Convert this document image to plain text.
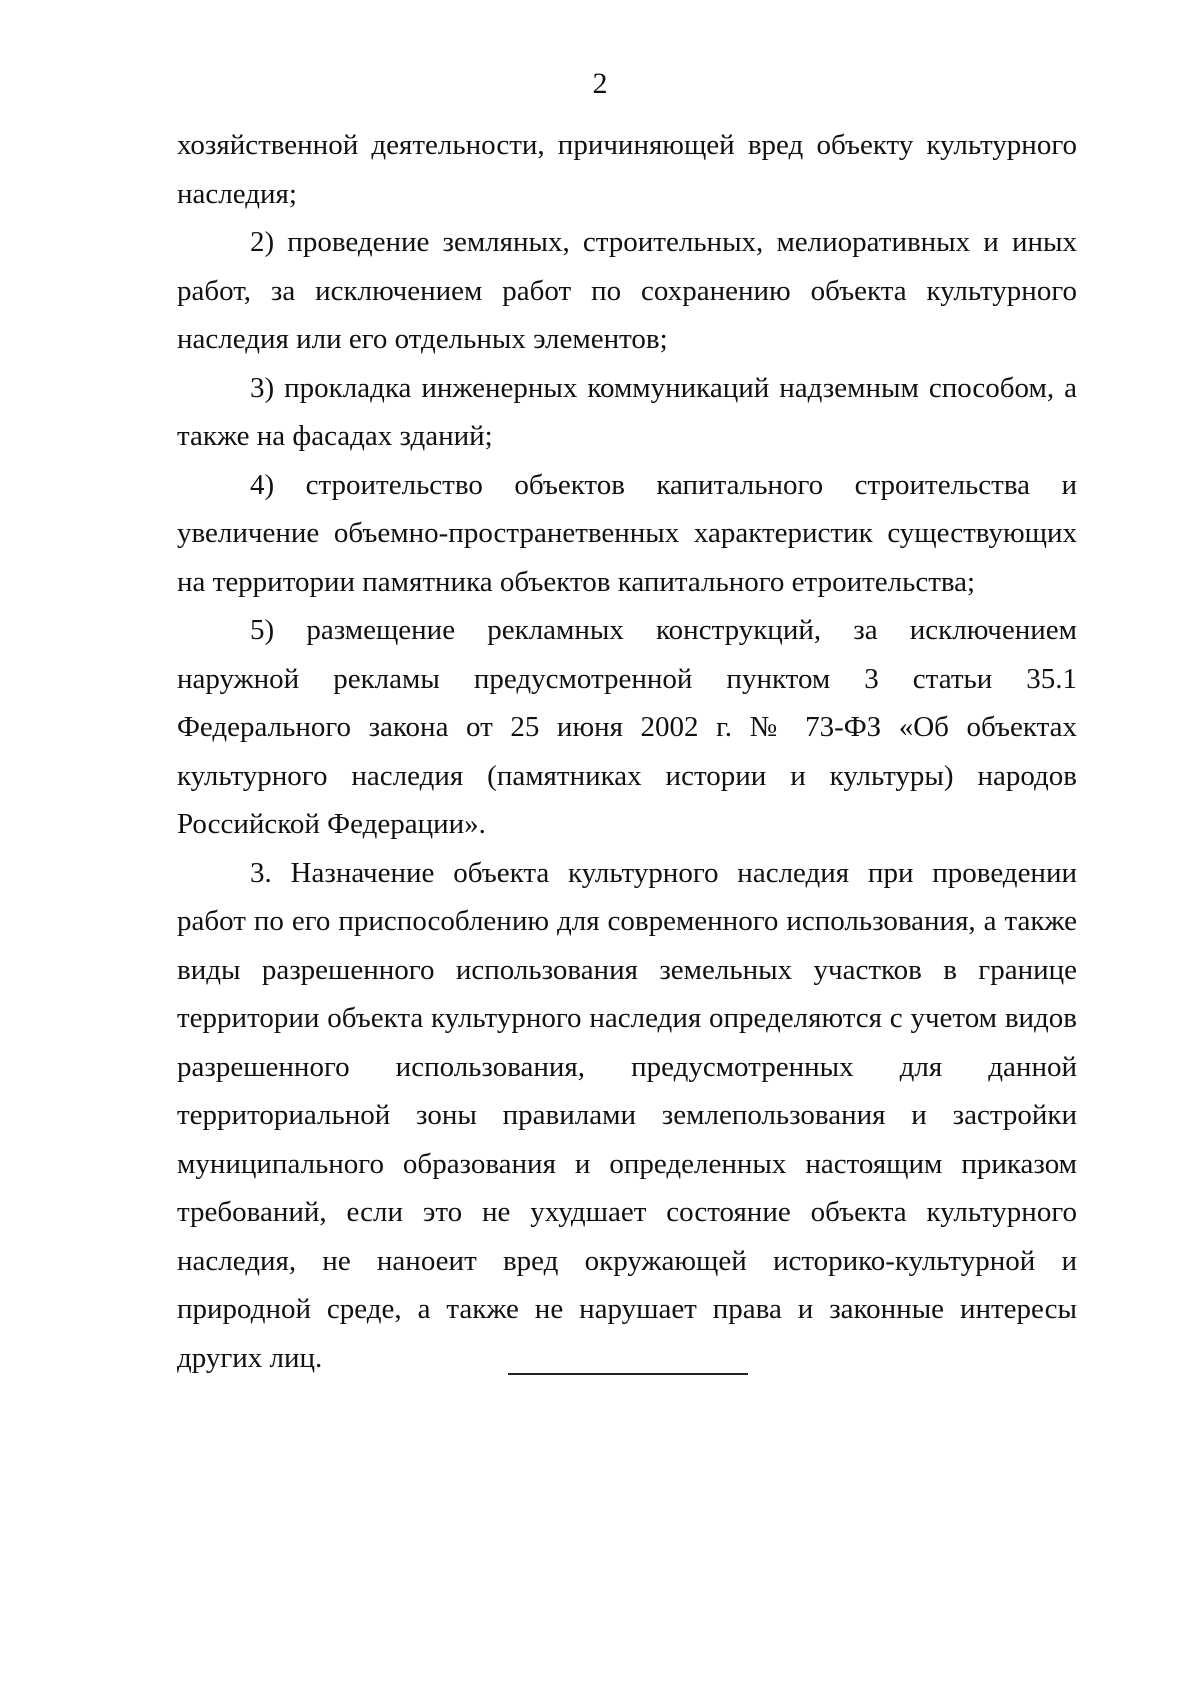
2

хозяйственной деятельности, причиняющей вред объекту культурного наследия;

2) проведение земляных, строительных, мелиоративных и иных работ, за исключением работ по сохранению объекта культурного наследия или его отдельных элементов;

3) прокладка инженерных коммуникаций надземным способом, а также на фасадах зданий;

4) строительство объектов капитального строительства и увеличение объемно-пространетвенных характеристик существующих на территории памятника объектов капитального етроительства;

5) размещение рекламных конструкций, за исключением наружной рекламы предусмотренной пунктом 3 статьи 35.1 Федерального закона от 25 июня 2002 г. № 73-ФЗ «Об объектах культурного наследия (памятниках истории и культуры) народов Российской Федерации».

3. Назначение объекта культурного наследия при проведении работ по его приспособлению для современного использования, а также виды разрешенного использования земельных участков в границе территории объекта культурного наследия определяются с учетом видов разрешенного использования, предусмотренных для данной территориальной зоны правилами землепользования и застройки муниципального образования и определенных настоящим приказом требований, если это не ухудшает состояние объекта культурного наследия, не наноеит вред окружающей историко-культурной и природной среде, а также не нарушает права и законные интересы других лиц.
